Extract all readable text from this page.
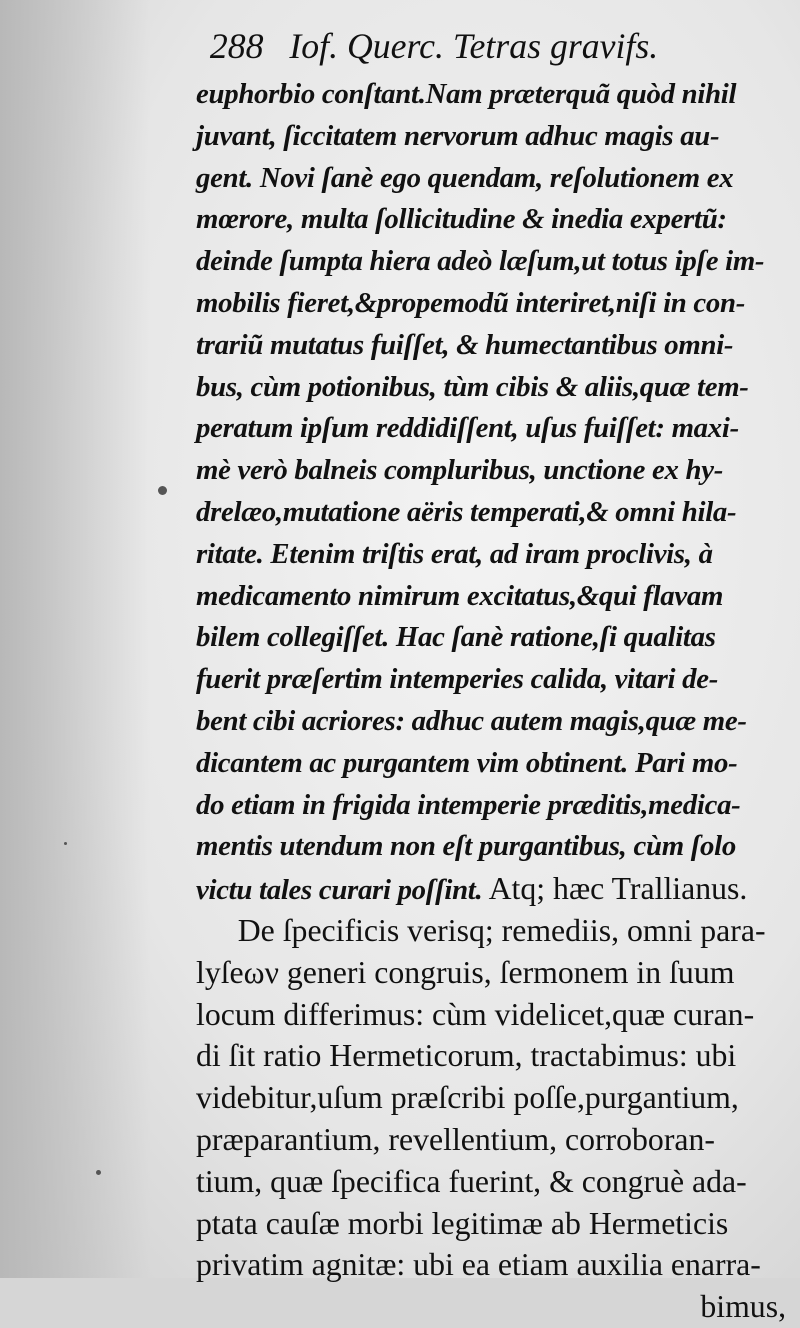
288 Iof. Querc. Tetras gravifs.
euphorbio conſtant.Nam præterquã quòd nihil
juvant, ſiccitatem nervorum adhuc magis au-
gent. Novi ſanè ego quendam, reſolutionem ex
mœrore, multa ſollicitudine & inedia expertũ:
deinde ſumpta hiera adeò læſum,ut totus ipſe im-
mobilis fieret,&propemodũ interiret,niſi in con-
trariũ mutatus fuiſſet, & humectantibus omni-
bus, cùm potionibus, tùm cibis & aliis,quæ tem-
peratum ipſum reddidiſſent, uſus fuiſſet: maxi-
mè verò balneis compluribus, unctione ex hy-
drelæo,mutatione aëris temperati,& omni hila-
ritate. Etenim triſtis erat, ad iram proclivis, à
medicamento nimirum excitatus,&qui flavam
bilem collegiſſet. Hac ſanè ratione,ſi qualitas
fuerit præſertim intemperies calida, vitari de-
bent cibi acriores: adhuc autem magis,quæ me-
dicantem ac purgantem vim obtinent. Pari mo-
do etiam in frigida intemperie præditis,medica-
mentis utendum non eſt purgantibus, cùm ſolo
victu tales curari poſſint. Atq; hæc Trallianus.
De ſpecificis verisq; remediis, omni para-
lyſeων generi congruis, ſermonem in ſuum
locum differimus: cùm videlicet,quæ curan-
di ſit ratio Hermeticorum, tractabimus: ubi
videbitur,uſum præſcribi poſſe,purgantium,
præparantium, revellentium, corroboran-
tium, quæ ſpecifica fuerint, & congruè ada-
ptata cauſæ morbi legitimæ ab Hermeticis
privatim agnitæ: ubi ea etiam auxilia enarra-
bimus,
